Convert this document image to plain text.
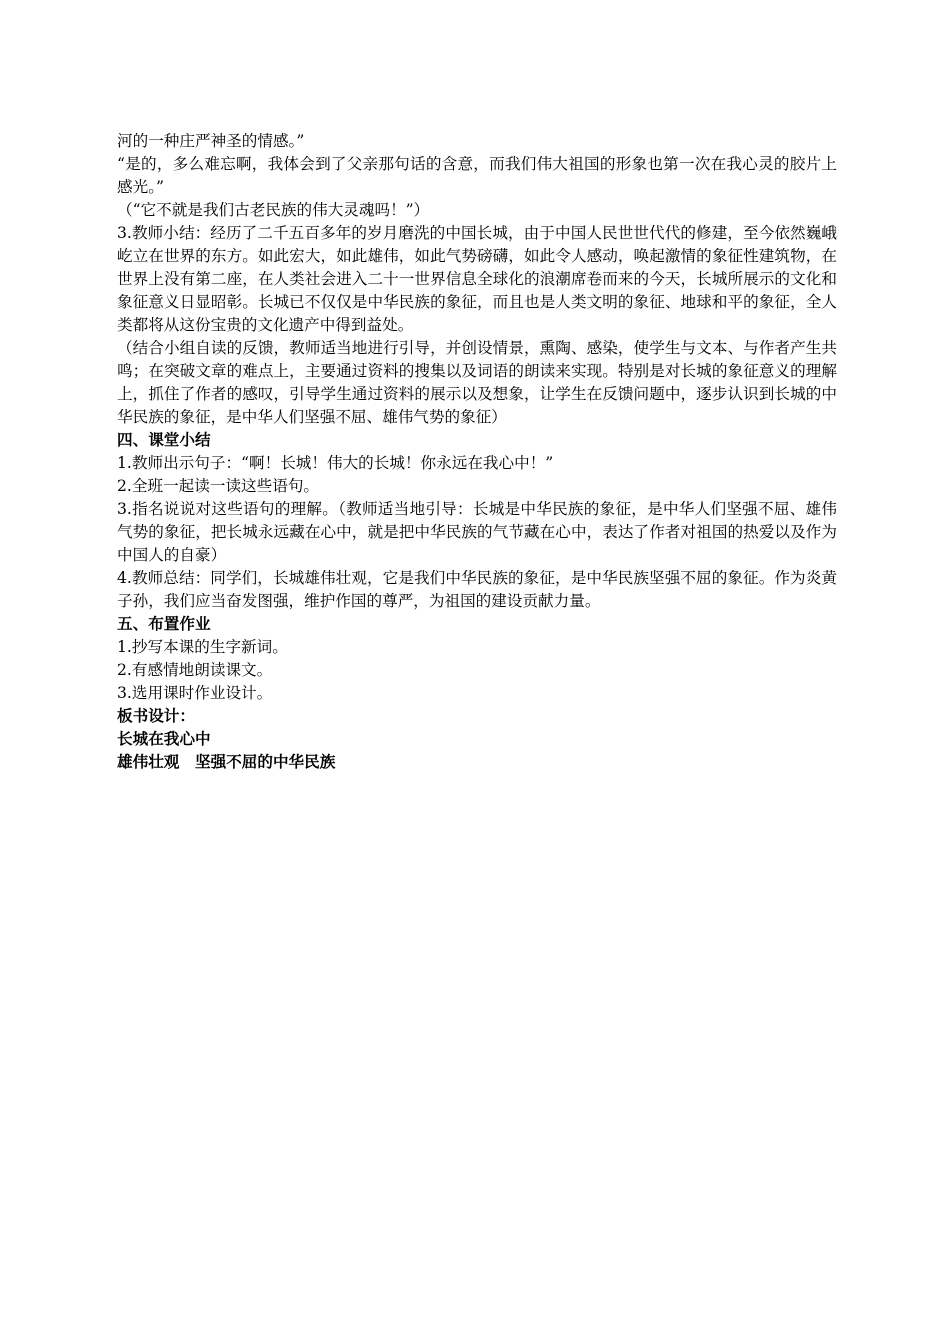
河的一种庄严神圣的情感。”

“是的，多么难忘啊，我体会到了父亲那句话的含意，而我们伟大祖国的形象也第一次在我心灵的胶片上感光。”

（“它不就是我们古老民族的伟大灵魂吗！”）

3.教师小结：经历了二千五百多年的岁月磨洗的中国长城，由于中国人民世世代代的修建，至今依然巍峨屹立在世界的东方。如此宏大，如此雄伟，如此气势磅礴，如此令人感动，唤起激情的象征性建筑物，在世界上没有第二座，在人类社会进入二十一世界信息全球化的浪潮席卷而来的今天，长城所展示的文化和象征意义日显昭彰。长城已不仅仅是中华民族的象征，而且也是人类文明的象征、地球和平的象征，全人类都将从这份宝贵的文化遗产中得到益处。

（结合小组自读的反馈，教师适当地进行引导，并创设情景，熏陶、感染，使学生与文本、与作者产生共鸣；在突破文章的难点上，主要通过资料的搜集以及词语的朗读来实现。特别是对长城的象征意义的理解上，抓住了作者的感叹，引导学生通过资料的展示以及想象，让学生在反馈问题中，逐步认识到长城的中华民族的象征，是中华人们坚强不屈、雄伟气势的象征）

四、课堂小结

1.教师出示句子：“啊！长城！伟大的长城！你永远在我心中！”

2.全班一起读一读这些语句。

3.指名说说对这些语句的理解。（教师适当地引导：长城是中华民族的象征，是中华人们坚强不屈、雄伟气势的象征，把长城永远藏在心中，就是把中华民族的气节藏在心中，表达了作者对祖国的热爱以及作为中国人的自豪）

4.教师总结：同学们，长城雄伟壮观，它是我们中华民族的象征，是中华民族坚强不屈的象征。作为炎黄子孙，我们应当奋发图强，维护作国的尊严，为祖国的建设贡献力量。

五、布置作业

1.抄写本课的生字新词。

2.有感情地朗读课文。

3.选用课时作业设计。

板书设计：

长城在我心中

雄伟壮观　坚强不屈的中华民族
